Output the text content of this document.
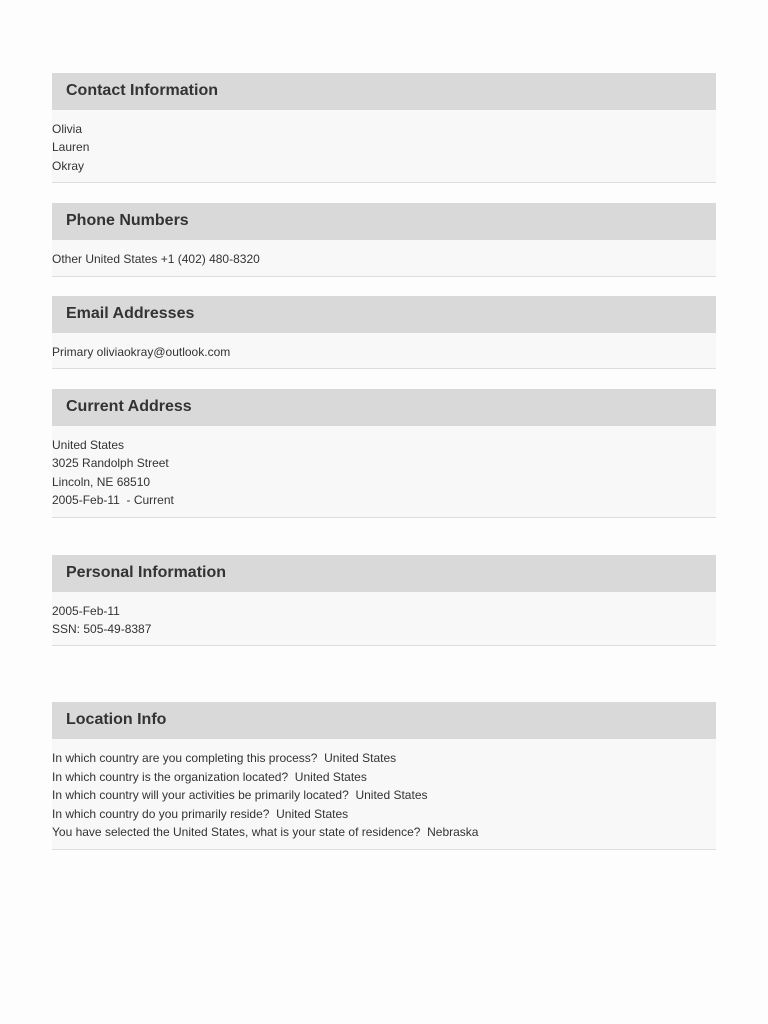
Contact Information
Olivia
Lauren
Okray
Phone Numbers
Other United States +1 (402) 480-8320
Email Addresses
Primary oliviaokray@outlook.com
Current Address
United States
3025 Randolph Street
Lincoln, NE 68510
2005-Feb-11  - Current
Personal Information
2005-Feb-11
SSN: 505-49-8387
Location Info
In which country are you completing this process?  United States
In which country is the organization located?  United States
In which country will your activities be primarily located?  United States
In which country do you primarily reside?  United States
You have selected the United States, what is your state of residence?  Nebraska
